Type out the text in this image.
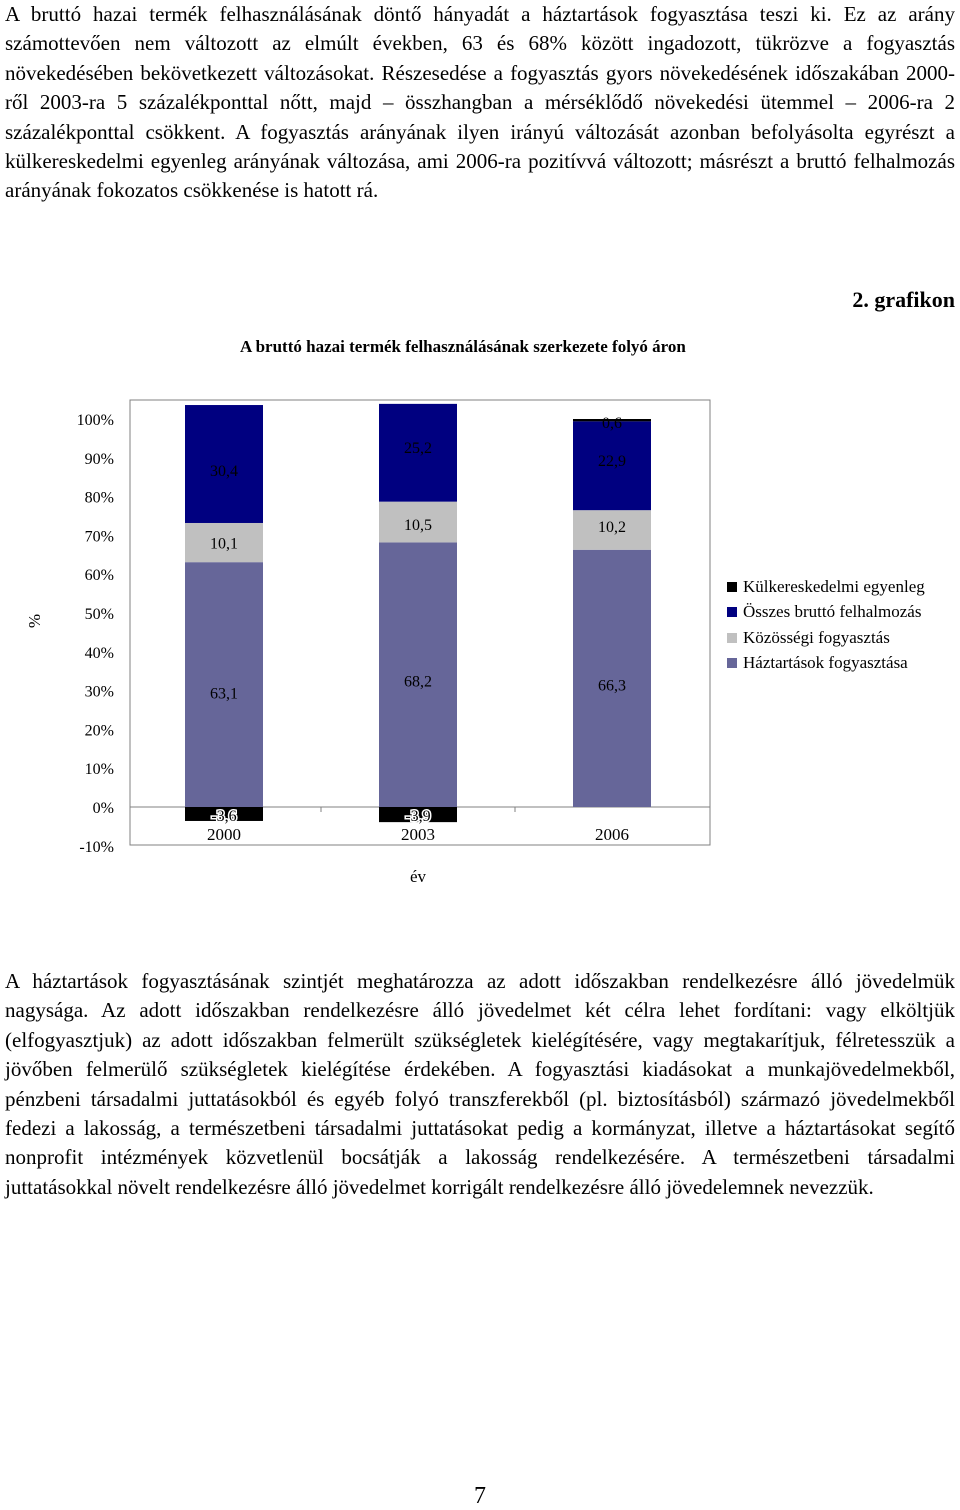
A bruttó hazai termék felhasználásának döntő hányadát a háztartások fogyasztása teszi ki. Ez az arány számottevően nem változott az elmúlt években, 63 és 68% között ingadozott, tükrözve a fogyasztás növekedésében bekövetkezett változásokat. Részesedése a fogyasztás gyors növekedésének időszakában 2000-ről 2003-ra 5 százalékponttal nőtt, majd – összhangban a mérséklődő növekedési ütemmel – 2006-ra 2 százalékponttal csökkent. A fogyasztás arányának ilyen irányú változását azonban befolyásolta egyrészt a külkereskedelmi egyenleg arányának változása, ami 2006-ra pozitívvá változott; másrészt a bruttó felhalmozás arányának fokozatos csökkenése is hatott rá.

2. grafikon
A bruttó hazai termék felhasználásának szerkezete folyó áron
-10%
0%
10%
20%
30%
40%
50%
60%
70%
80%
90%
100%
%
2000	2003	2006
év
63,1
10,1
30,4
-3,6
68,2
10,5
25,2
-3,9
66,3
10,2
22,9
0,6
Külkereskedelmi egyenleg
Összes bruttó felhalmozás
Közösségi fogyasztás
Háztartások fogyasztása

A háztartások fogyasztásának szintjét meghatározza az adott időszakban rendelkezésre álló jövedelmük nagysága. Az adott időszakban rendelkezésre álló jövedelmet két célra lehet fordítani: vagy elköltjük (elfogyasztjuk) az adott időszakban felmerült szükségletek kielégítésére, vagy megtakarítjuk, félretesszük a jövőben felmerülő szükségletek kielégítése érdekében. A fogyasztási kiadásokat a munkajövedelmekből, pénzbeni társadalmi juttatásokból és egyéb folyó transzferekből (pl. biztosításból) származó jövedelmekből fedezi a lakosság, a természetbeni társadalmi juttatásokat pedig a kormányzat, illetve a háztartásokat segítő nonprofit intézmények közvetlenül bocsátják a lakosság rendelkezésére. A természetbeni társadalmi juttatásokkal növelt rendelkezésre álló jövedelmet korrigált rendelkezésre álló jövedelemnek nevezzük.

7
